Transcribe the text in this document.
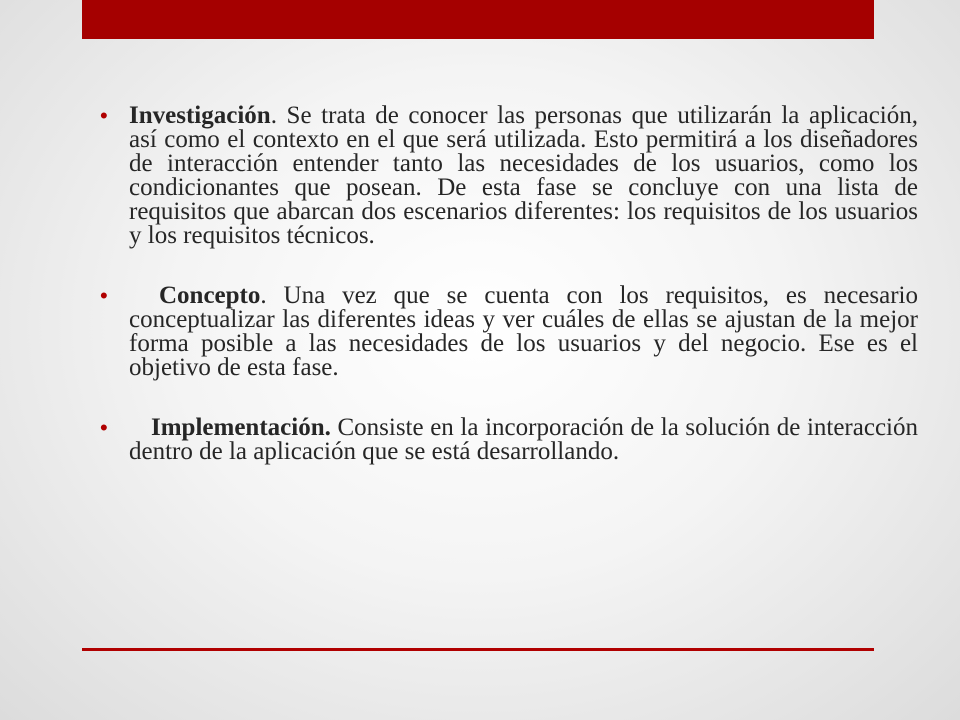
• Investigación. Se trata de conocer las personas que utilizarán la aplicación, así como el contexto en el que será utilizada. Esto permitirá a los diseñadores de interacción entender tanto las necesidades de los usuarios, como los condicionantes que posean. De esta fase se concluye con una lista de requisitos que abarcan dos escenarios diferentes: los requisitos de los usuarios y los requisitos técnicos.
• Concepto. Una vez que se cuenta con los requisitos, es necesario conceptualizar las diferentes ideas y ver cuáles de ellas se ajustan de la mejor forma posible a las necesidades de los usuarios y del negocio. Ese es el objetivo de esta fase.
• Implementación. Consiste en la incorporación de la solución de interacción dentro de la aplicación que se está desarrollando.
